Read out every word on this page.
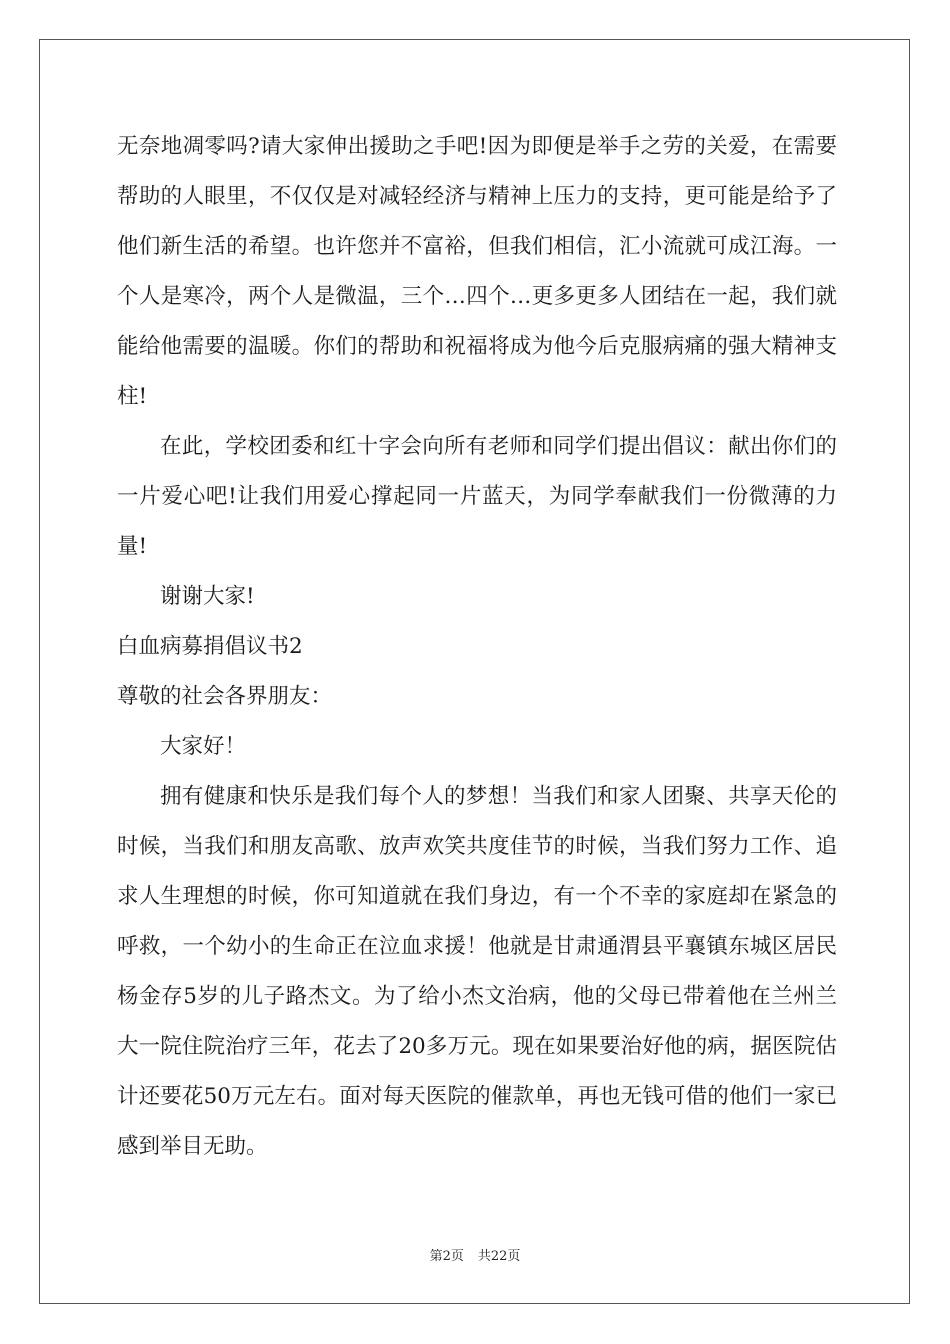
无奈地凋零吗?请大家伸出援助之手吧!因为即便是举手之劳的关爱，在需要帮助的人眼里，不仅仅是对减轻经济与精神上压力的支持，更可能是给予了他们新生活的希望。也许您并不富裕，但我们相信，汇小流就可成江海。一个人是寒冷，两个人是微温，三个…四个…更多更多人团结在一起，我们就能给他需要的温暖。你们的帮助和祝福将成为他今后克服病痛的强大精神支柱!

在此，学校团委和红十字会向所有老师和同学们提出倡议：献出你们的一片爱心吧!让我们用爱心撑起同一片蓝天，为同学奉献我们一份微薄的力量!

谢谢大家!

白血病募捐倡议书2

尊敬的社会各界朋友：

大家好！

拥有健康和快乐是我们每个人的梦想！当我们和家人团聚、共享天伦的时候，当我们和朋友高歌、放声欢笑共度佳节的时候，当我们努力工作、追求人生理想的时候，你可知道就在我们身边，有一个不幸的家庭却在紧急的呼救，一个幼小的生命正在泣血求援！他就是甘肃通渭县平襄镇东城区居民杨金存5岁的儿子路杰文。为了给小杰文治病，他的父母已带着他在兰州兰大一院住院治疗三年，花去了20多万元。现在如果要治好他的病，据医院估计还要花50万元左右。面对每天医院的催款单，再也无钱可借的他们一家已感到举目无助。

第2页 共22页
